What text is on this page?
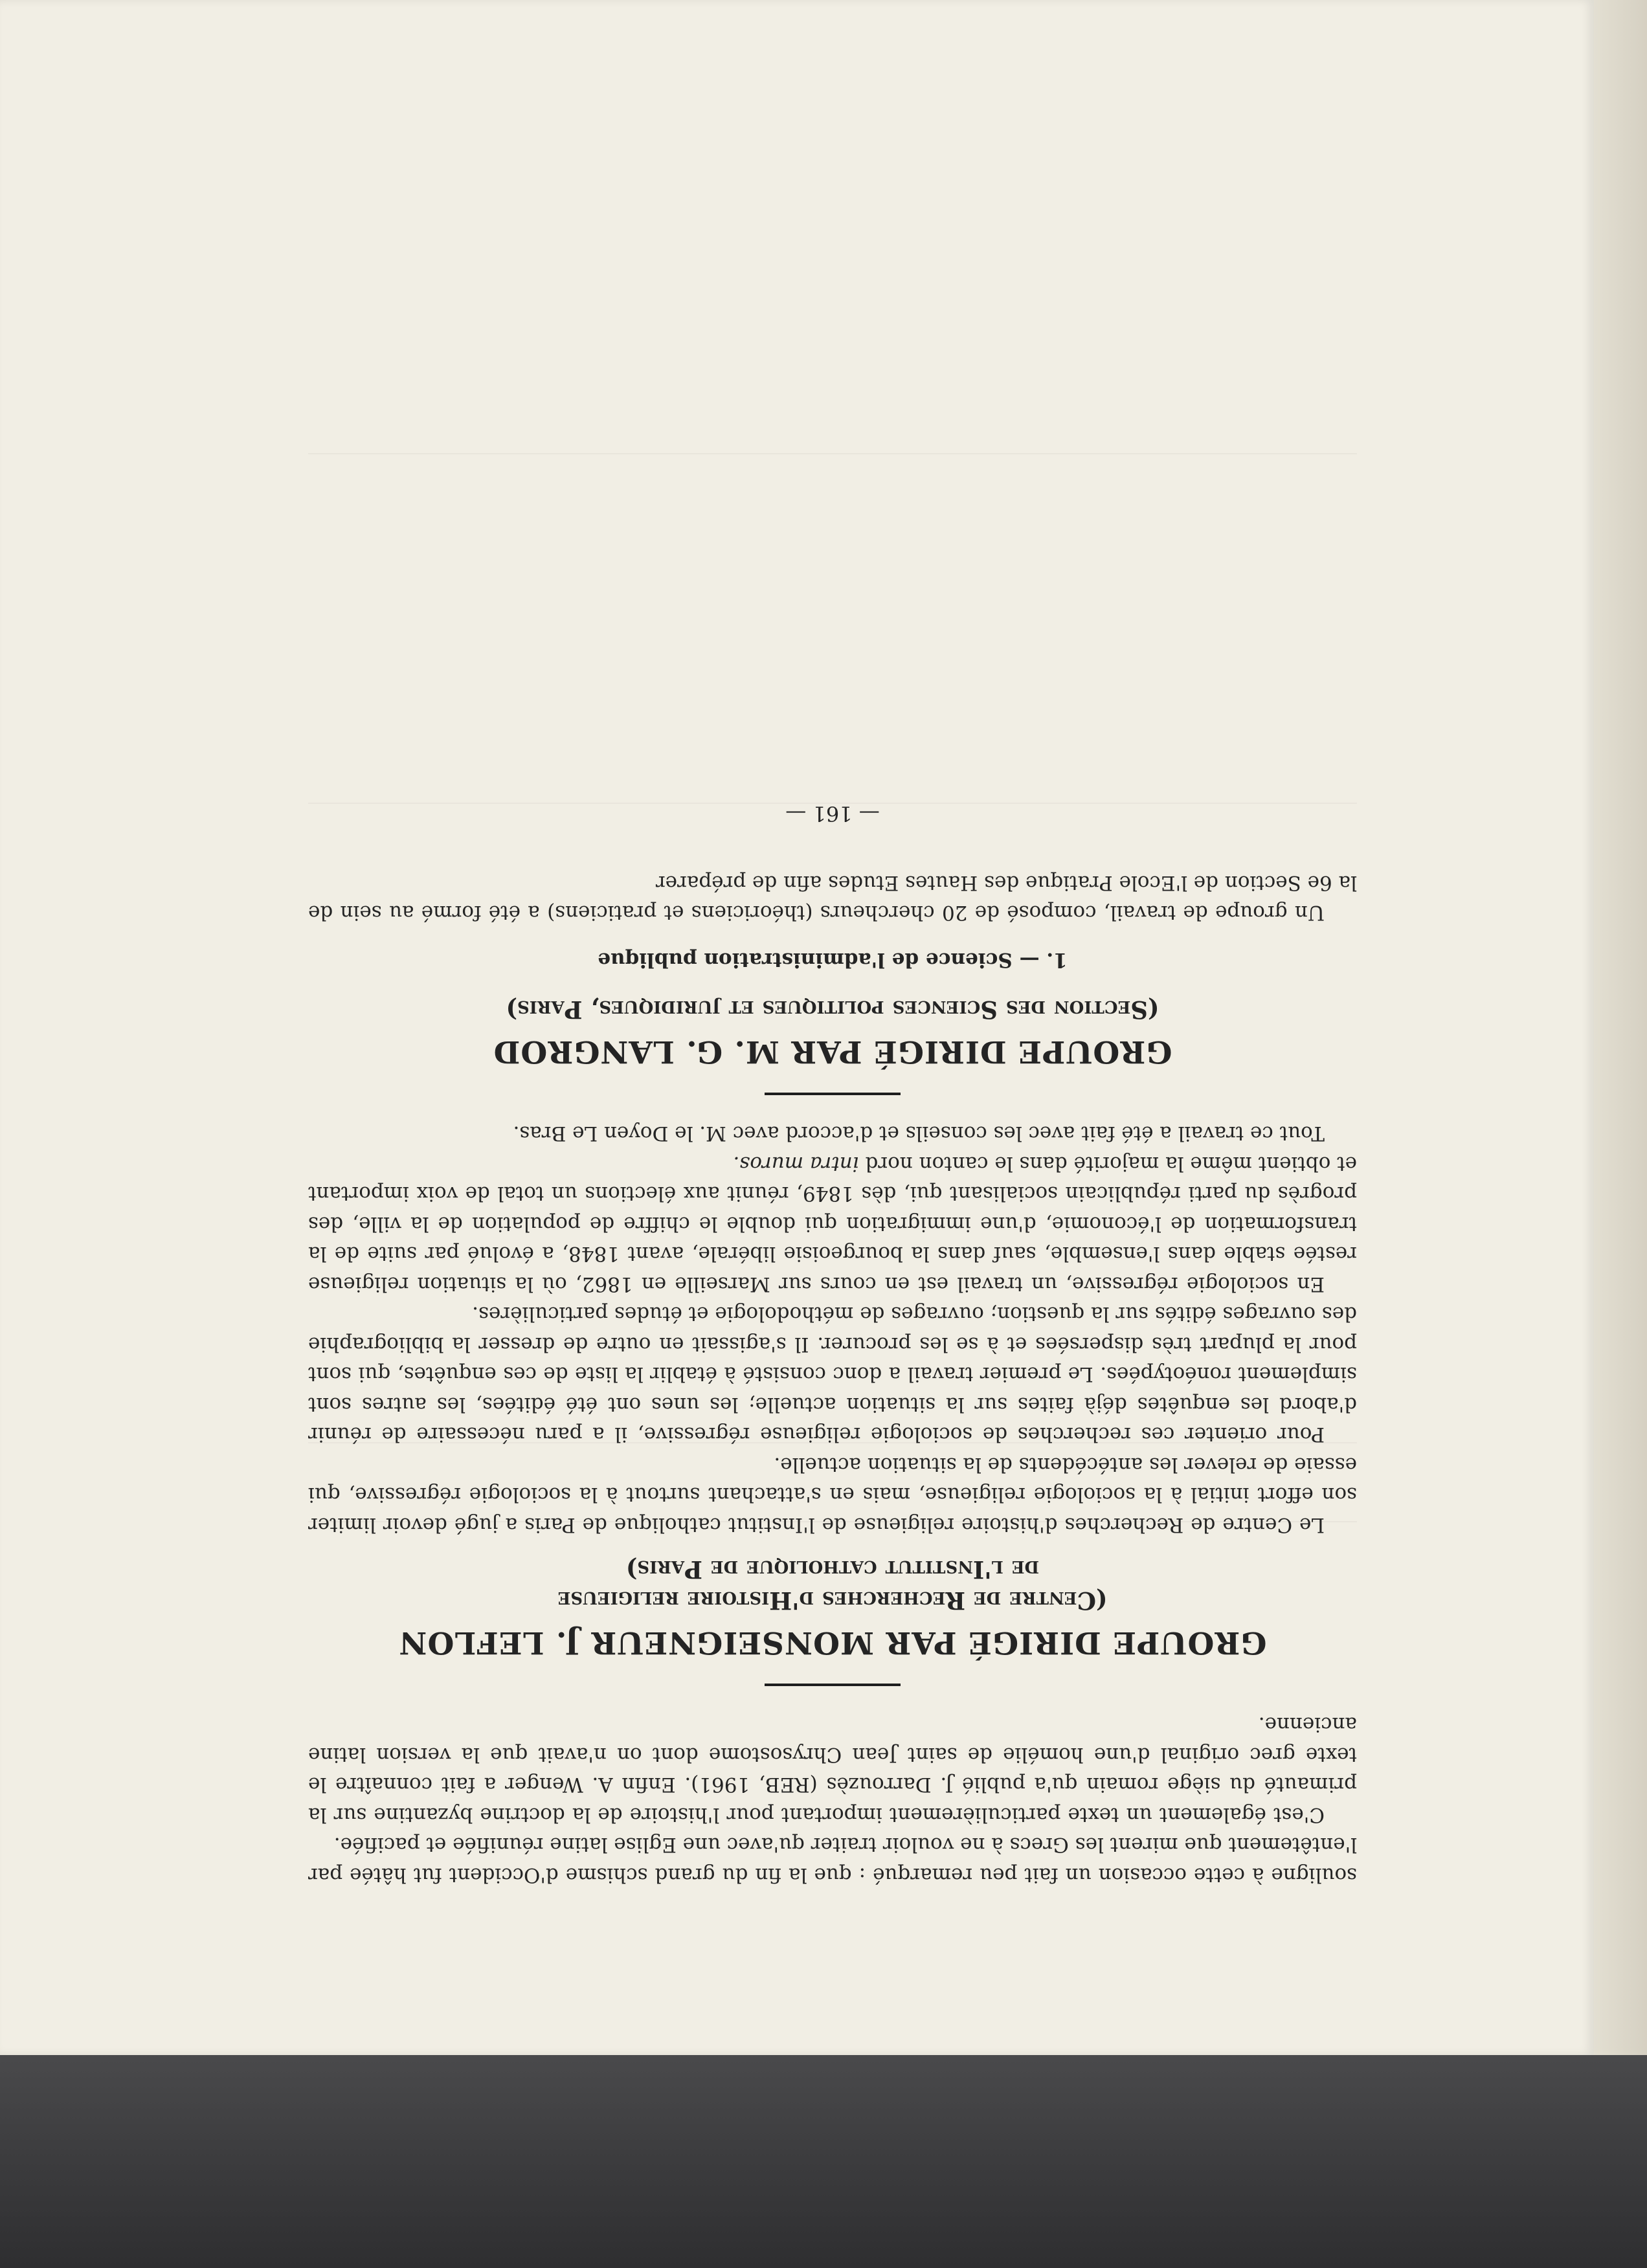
souligne à cette occasion un fait peu remarqué : que la fin du grand schisme d'Occident fut hâtée par l'entêtement que mirent les Grecs à ne vouloir traiter qu'avec une Eglise latine réunifiée et pacifiée.

C'est également un texte particulièrement important pour l'histoire de la doctrine byzantine sur la primauté du siège romain qu'a publié J. Darrouzès (REB, 1961). Enfin A. Wenger a fait connaître le texte grec original d'une homélie de saint Jean Chrysostome dont on n'avait que la version latine ancienne.

GROUPE DIRIGÉ PAR MONSEIGNEUR J. LEFLON
(Centre de Recherches d'Histoire religieuse
de l'Institut catholique de Paris)

Le Centre de Recherches d'histoire religieuse de l'Institut catholique de Paris a jugé devoir limiter son effort initial à la sociologie religieuse, mais en s'attachant surtout à la sociologie régressive, qui essaie de relever les antécédents de la situation actuelle.

Pour orienter ces recherches de sociologie religieuse régressive, il a paru nécessaire de réunir d'abord les enquêtes déjà faites sur la situation actuelle; les unes ont été éditées, les autres sont simplement ronéotypées. Le premier travail a donc consisté à établir la liste de ces enquêtes, qui sont pour la plupart très dispersées et à se les procurer. Il s'agissait en outre de dresser la bibliographie des ouvrages édités sur la question; ouvrages de méthodologie et études particulières.

En sociologie régressive, un travail est en cours sur Marseille en 1862, où la situation religieuse restée stable dans l'ensemble, sauf dans la bourgeoisie libérale, avant 1848, a évolué par suite de la transformation de l'économie, d'une immigration qui double le chiffre de population de la ville, des progrès du parti républicain socialisant qui, dès 1849, réunit aux élections un total de voix important et obtient même la majorité dans le canton nord intra muros.

Tout ce travail a été fait avec les conseils et d'accord avec M. le Doyen Le Bras.

GROUPE DIRIGÉ PAR M. G. LANGROD
(Section des Sciences politiques et juridiques, Paris)
1. — Science de l'administration publique

Un groupe de travail, composé de 20 chercheurs (théoriciens et praticiens) a été formé au sein de la 6e Section de l'Ecole Pratique des Hautes Etudes afin de préparer

— 161 —
